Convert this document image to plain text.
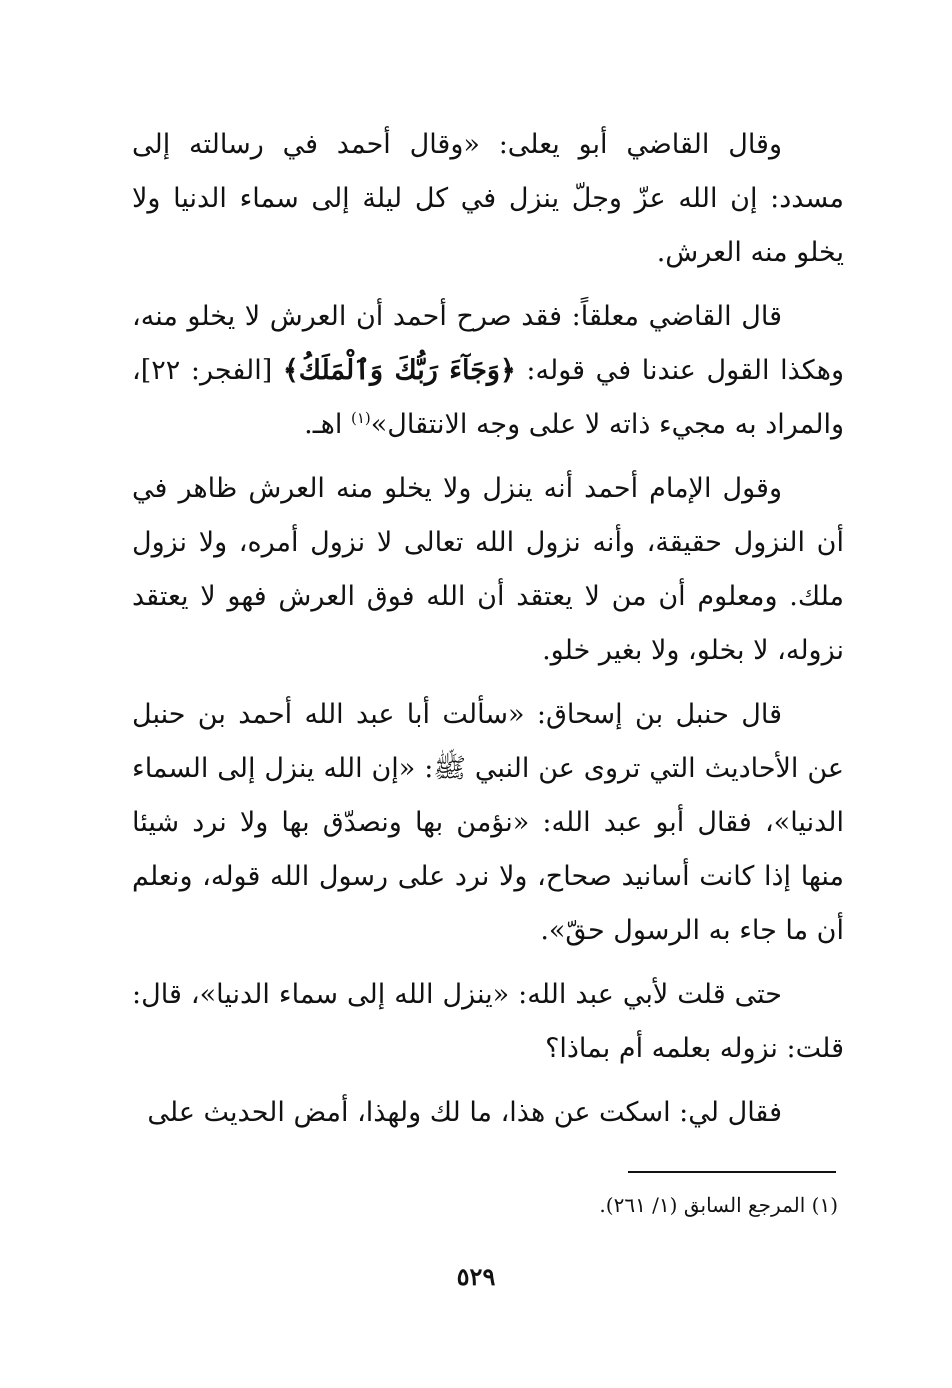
وقال القاضي أبو يعلى: «وقال أحمد في رسالته إلى مسدد: إن الله عزّ وجلّ ينزل في كل ليلة إلى سماء الدنيا ولا يخلو منه العرش.

قال القاضي معلقاً: فقد صرح أحمد أن العرش لا يخلو منه، وهكذا القول عندنا في قوله: ﴿وَجَآءَ رَبُّكَ وَٱلْمَلَكُ﴾ [الفجر: ٢٢]، والمراد به مجيء ذاته لا على وجه الانتقال»$^{(١)}$ اهـ.

وقول الإمام أحمد أنه ينزل ولا يخلو منه العرش ظاهر في أن النزول حقيقة، وأنه نزول الله تعالى لا نزول أمره، ولا نزول ملك. ومعلوم أن من لا يعتقد أن الله فوق العرش فهو لا يعتقد نزوله، لا بخلو، ولا بغير خلو.

قال حنبل بن إسحاق: «سألت أبا عبد الله أحمد بن حنبل عن الأحاديث التي تروى عن النبي ﷺ: «إن الله ينزل إلى السماء الدنيا»، فقال أبو عبد الله: «نؤمن بها ونصدّق بها ولا نرد شيئا منها إذا كانت أسانيد صحاح، ولا نرد على رسول الله قوله، ونعلم أن ما جاء به الرسول حقّ».

حتى قلت لأبي عبد الله: «ينزل الله إلى سماء الدنيا»، قال: قلت: نزوله بعلمه أم بماذا؟

فقال لي: اسكت عن هذا، ما لك ولهذا، أمض الحديث على

(١) المرجع السابق (١/ ٢٦١).
٥٢٩
